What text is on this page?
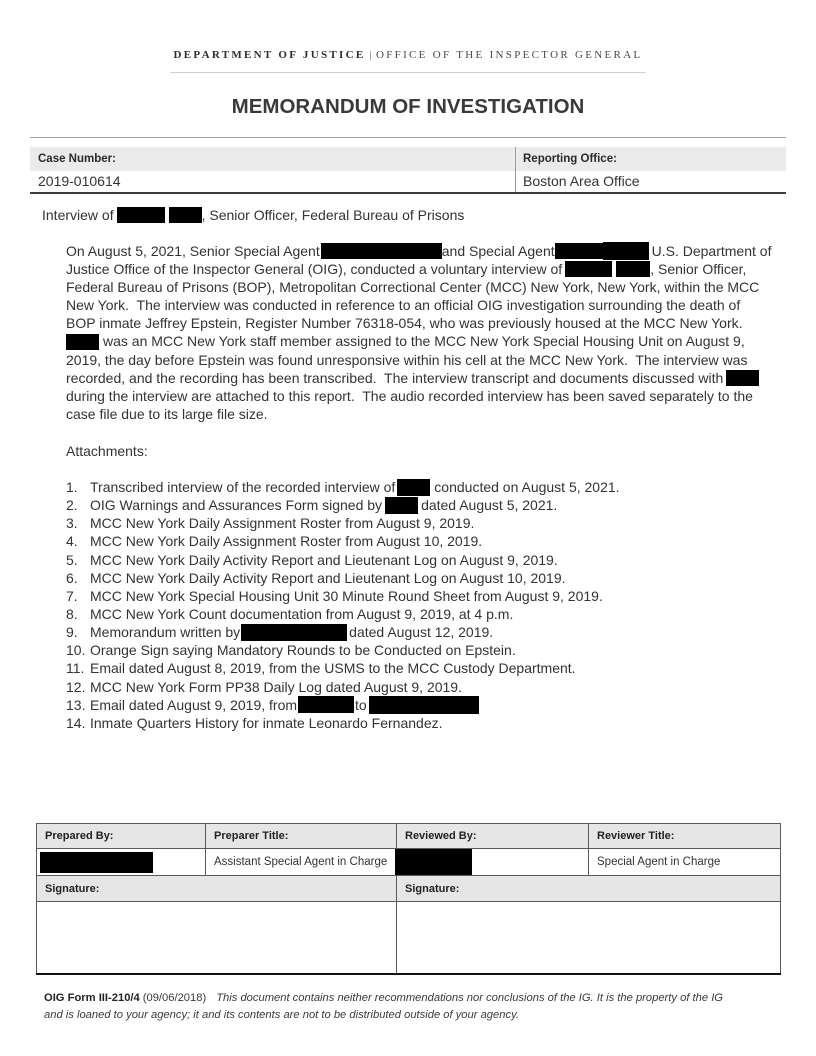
DEPARTMENT OF JUSTICE | OFFICE OF THE INSPECTOR GENERAL
MEMORANDUM OF INVESTIGATION
Case Number:	Reporting Office:
2019-010614	Boston Area Office
Interview of	, Senior Officer, Federal Bureau of Prisons
On August 5, 2021, Senior Special Agent	and Special Agent	U.S. Department of
Justice Office of the Inspector General (OIG), conducted a voluntary interview of	, Senior Officer,
Federal Bureau of Prisons (BOP), Metropolitan Correctional Center (MCC) New York, New York, within the MCC
New York.  The interview was conducted in reference to an official OIG investigation surrounding the death of
BOP inmate Jeffrey Epstein, Register Number 76318-054, who was previously housed at the MCC New York.
was an MCC New York staff member assigned to the MCC New York Special Housing Unit on August 9,
2019, the day before Epstein was found unresponsive within his cell at the MCC New York.  The interview was
recorded, and the recording has been transcribed.  The interview transcript and documents discussed with
during the interview are attached to this report.  The audio recorded interview has been saved separately to the
case file due to its large file size.
Attachments:
1. Transcribed interview of the recorded interview of	conducted on August 5, 2021.
2. OIG Warnings and Assurances Form signed by	dated August 5, 2021.
3. MCC New York Daily Assignment Roster from August 9, 2019.
4. MCC New York Daily Assignment Roster from August 10, 2019.
5. MCC New York Daily Activity Report and Lieutenant Log on August 9, 2019.
6. MCC New York Daily Activity Report and Lieutenant Log on August 10, 2019.
7. MCC New York Special Housing Unit 30 Minute Round Sheet from August 9, 2019.
8. MCC New York Count documentation from August 9, 2019, at 4 p.m.
9. Memorandum written by	dated August 12, 2019.
10. Orange Sign saying Mandatory Rounds to be Conducted on Epstein.
11. Email dated August 8, 2019, from the USMS to the MCC Custody Department.
12. MCC New York Form PP38 Daily Log dated August 9, 2019.
13. Email dated August 9, 2019, from	to
14. Inmate Quarters History for inmate Leonardo Fernandez.
Prepared By:	Preparer Title:	Reviewed By:	Reviewer Title:

	Assistant Special Agent in Charge		Special Agent in Charge
Signature:		Signature:	

OIG Form III-210/4 (09/06/2018) This document contains neither recommendations nor conclusions of the IG. It is the property of the IG
and is loaned to your agency; it and its contents are not to be distributed outside of your agency.
